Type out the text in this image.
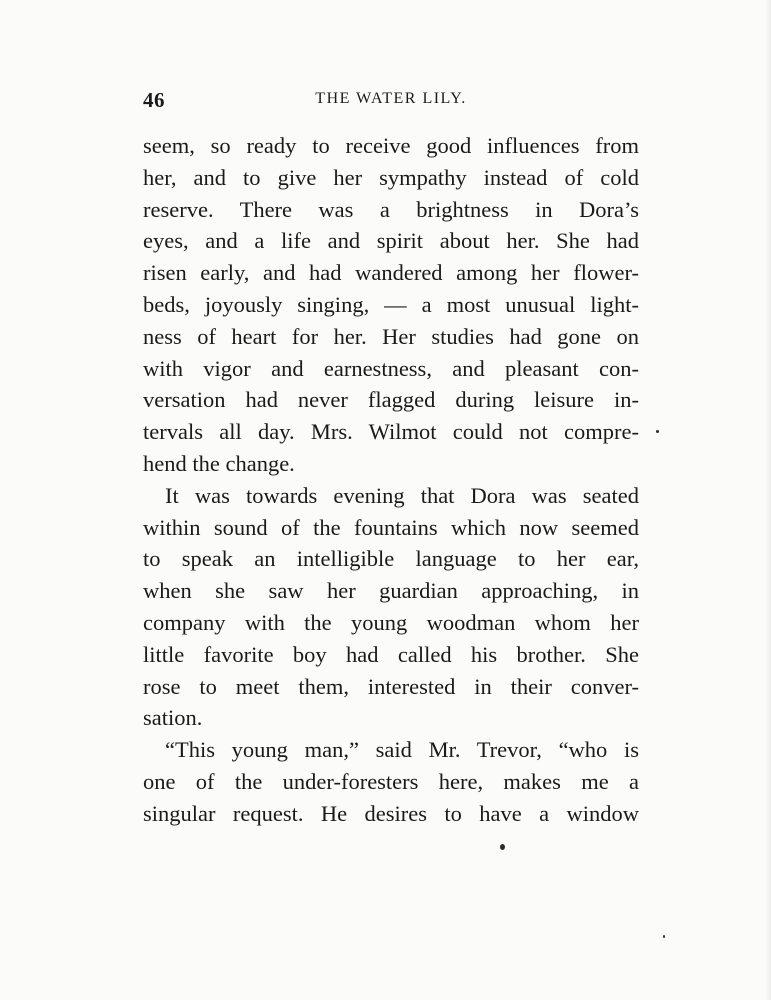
46	THE WATER LILY.
seem, so ready to receive good influences from
her, and to give her sympathy instead of cold
reserve. There was a brightness in Dora’s
eyes, and a life and spirit about her. She had
risen early, and had wandered among her flower-
beds, joyously singing, — a most unusual light-
ness of heart for her. Her studies had gone on
with vigor and earnestness, and pleasant con-
versation had never flagged during leisure in-
tervals all day. Mrs. Wilmot could not compre-
hend the change.
It was towards evening that Dora was seated
within sound of the fountains which now seemed
to speak an intelligible language to her ear,
when she saw her guardian approaching, in
company with the young woodman whom her
little favorite boy had called his brother. She
rose to meet them, interested in their conver-
sation.
“This young man,” said Mr. Trevor, “who is
one of the under-foresters here, makes me a
singular request. He desires to have a window
